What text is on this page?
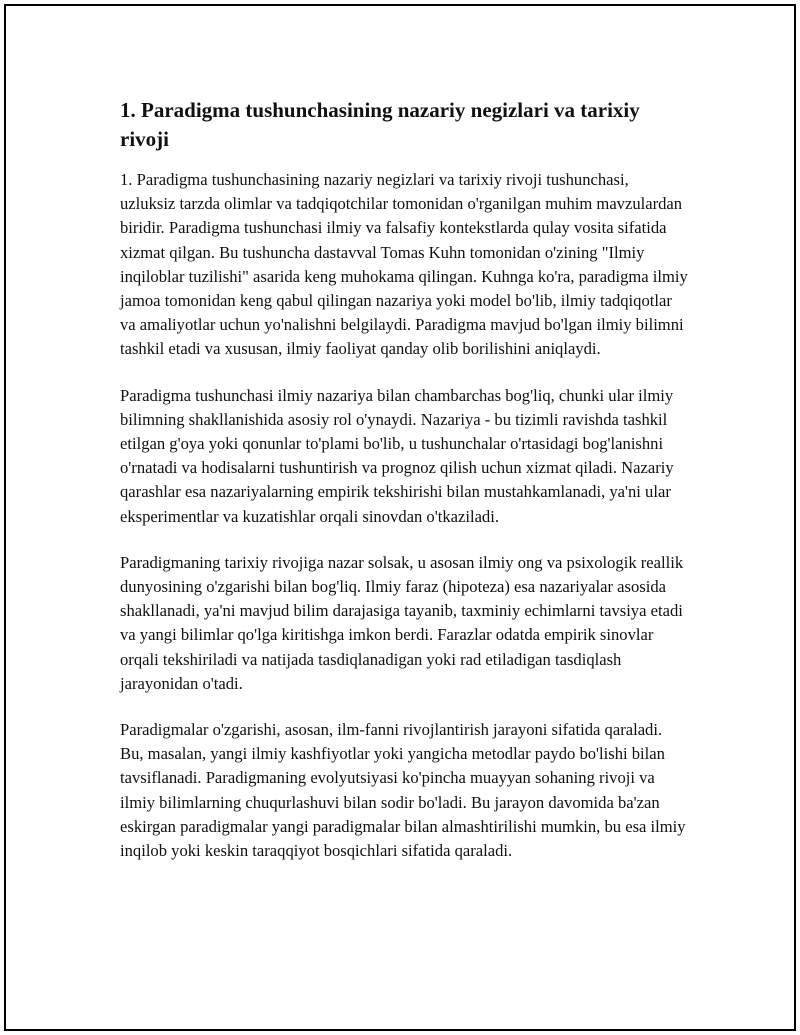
1. Paradigma tushunchasining nazariy negizlari va tarixiy rivoji

1. Paradigma tushunchasining nazariy negizlari va tarixiy rivoji tushunchasi, uzluksiz tarzda olimlar va tadqiqotchilar tomonidan o'rganilgan muhim mavzulardan biridir. Paradigma tushunchasi ilmiy va falsafiy kontekstlarda qulay vosita sifatida xizmat qilgan. Bu tushuncha dastavval Tomas Kuhn tomonidan o'zining "Ilmiy inqiloblar tuzilishi" asarida keng muhokama qilingan. Kuhnga ko'ra, paradigma ilmiy jamoa tomonidan keng qabul qilingan nazariya yoki model bo'lib, ilmiy tadqiqotlar va amaliyotlar uchun yo'nalishni belgilaydi. Paradigma mavjud bo'lgan ilmiy bilimni tashkil etadi va xususan, ilmiy faoliyat qanday olib borilishini aniqlaydi.

Paradigma tushunchasi ilmiy nazariya bilan chambarchas bog'liq, chunki ular ilmiy bilimning shakllanishida asosiy rol o'ynaydi. Nazariya - bu tizimli ravishda tashkil etilgan g'oya yoki qonunlar to'plami bo'lib, u tushunchalar o'rtasidagi bog'lanishni o'rnatadi va hodisalarni tushuntirish va prognoz qilish uchun xizmat qiladi. Nazariy qarashlar esa nazariyalarning empirik tekshirishi bilan mustahkamlanadi, ya'ni ular eksperimentlar va kuzatishlar orqali sinovdan o'tkaziladi.

Paradigmaning tarixiy rivojiga nazar solsak, u asosan ilmiy ong va psixologik reallik dunyosining o'zgarishi bilan bog'liq. Ilmiy faraz (hipoteza) esa nazariyalar asosida shakllanadi, ya'ni mavjud bilim darajasiga tayanib, taxminiy echimlarni tavsiya etadi va yangi bilimlar qo'lga kiritishga imkon berdi. Farazlar odatda empirik sinovlar orqali tekshiriladi va natijada tasdiqlanadigan yoki rad etiladigan tasdiqlash jarayonidan o'tadi.

Paradigmalar o'zgarishi, asosan, ilm-fanni rivojlantirish jarayoni sifatida qaraladi. Bu, masalan, yangi ilmiy kashfiyotlar yoki yangicha metodlar paydo bo'lishi bilan tavsiflanadi. Paradigmaning evolyutsiyasi ko'pincha muayyan sohaning rivoji va ilmiy bilimlarning chuqurlashuvi bilan sodir bo'ladi. Bu jarayon davomida ba'zan eskirgan paradigmalar yangi paradigmalar bilan almashtirilishi mumkin, bu esa ilmiy inqilob yoki keskin taraqqiyot bosqichlari sifatida qaraladi.
